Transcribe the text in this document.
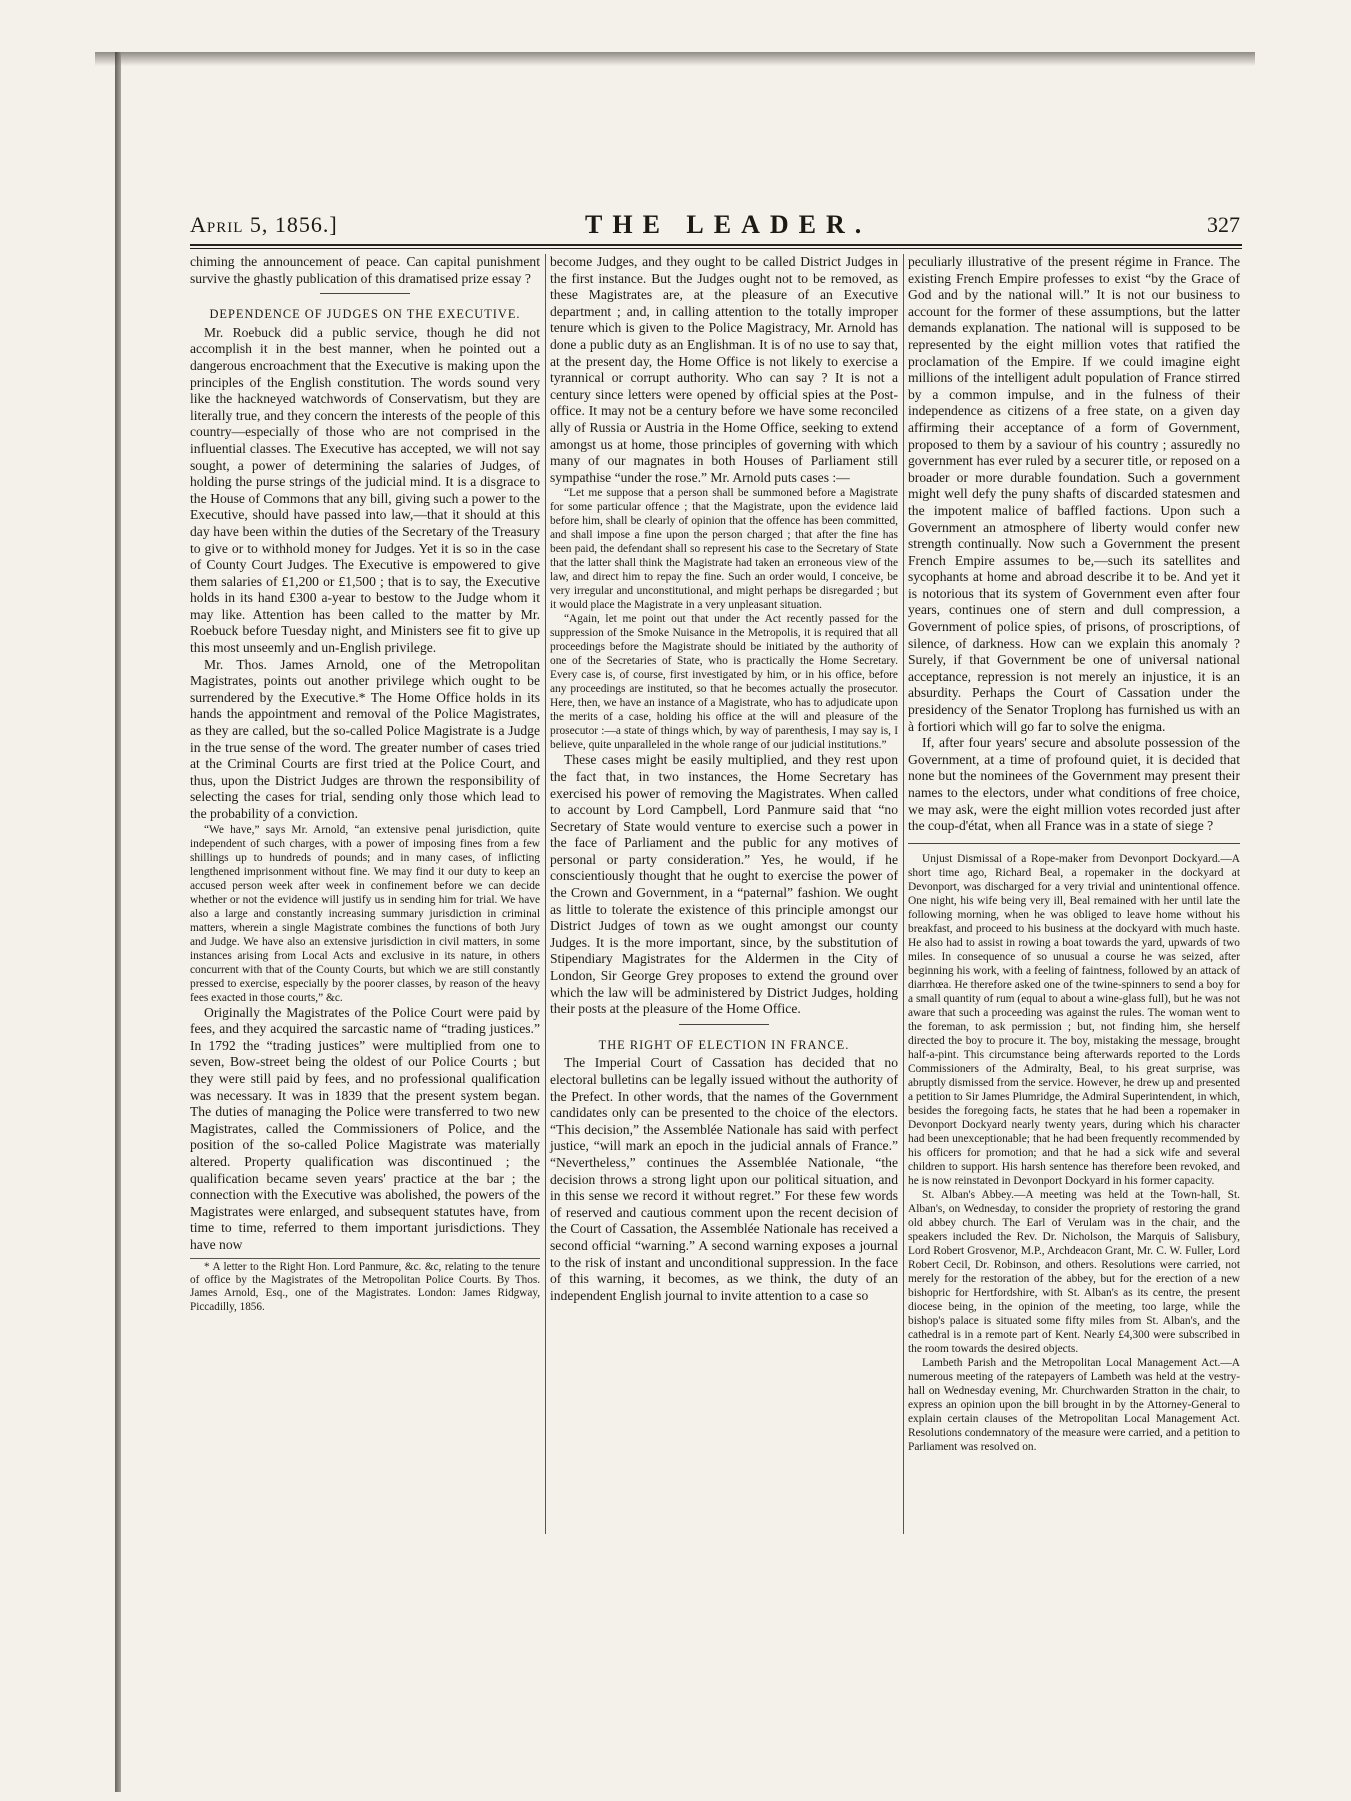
April 5, 1856.]	THE LEADER.	327

chiming the announcement of peace. Can capital punishment survive the ghastly publication of this dramatised prize essay ?

DEPENDENCE OF JUDGES ON THE EXECUTIVE.

Mr. Roebuck did a public service, though he did not accomplish it in the best manner, when he pointed out a dangerous encroachment that the Executive is making upon the principles of the English constitution. The words sound very like the hackneyed watchwords of Conservatism, but they are literally true, and they concern the interests of the people of this country—especially of those who are not comprised in the influential classes. The Executive has accepted, we will not say sought, a power of determining the salaries of Judges, of holding the purse strings of the judicial mind. It is a disgrace to the House of Commons that any bill, giving such a power to the Executive, should have passed into law,—that it should at this day have been within the duties of the Secretary of the Treasury to give or to withhold money for Judges. Yet it is so in the case of County Court Judges. The Executive is empowered to give them salaries of £1,200 or £1,500 ; that is to say, the Executive holds in its hand £300 a-year to bestow to the Judge whom it may like. Attention has been called to the matter by Mr. Roebuck before Tuesday night, and Ministers see fit to give up this most unseemly and un-English privilege.

Mr. Thos. James Arnold, one of the Metropolitan Magistrates, points out another privilege which ought to be surrendered by the Executive.* The Home Office holds in its hands the appointment and removal of the Police Magistrates, as they are called, but the so-called Police Magistrate is a Judge in the true sense of the word. The greater number of cases tried at the Criminal Courts are first tried at the Police Court, and thus, upon the District Judges are thrown the responsibility of selecting the cases for trial, sending only those which lead to the probability of a conviction.

“We have,” says Mr. Arnold, “an extensive penal jurisdiction, quite independent of such charges, with a power of imposing fines from a few shillings up to hundreds of pounds; and in many cases, of inflicting lengthened imprisonment without fine. We may find it our duty to keep an accused person week after week in confinement before we can decide whether or not the evidence will justify us in sending him for trial. We have also a large and constantly increasing summary jurisdiction in criminal matters, wherein a single Magistrate combines the functions of both Jury and Judge. We have also an extensive jurisdiction in civil matters, in some instances arising from Local Acts and exclusive in its nature, in others concurrent with that of the County Courts, but which we are still constantly pressed to exercise, especially by the poorer classes, by reason of the heavy fees exacted in those courts,” &c.

Originally the Magistrates of the Police Court were paid by fees, and they acquired the sarcastic name of “trading justices.” In 1792 the “trading justices” were multiplied from one to seven, Bow-street being the oldest of our Police Courts ; but they were still paid by fees, and no professional qualification was necessary. It was in 1839 that the present system began. The duties of managing the Police were transferred to two new Magistrates, called the Commissioners of Police, and the position of the so-called Police Magistrate was materially altered. Property qualification was discontinued ; the qualification became seven years' practice at the bar ; the connection with the Executive was abolished, the powers of the Magistrates were enlarged, and subsequent statutes have, from time to time, referred to them important jurisdictions. They have now

* A letter to the Right Hon. Lord Panmure, &c. &c, relating to the tenure of office by the Magistrates of the Metropolitan Police Courts. By Thos. James Arnold, Esq., one of the Magistrates. London: James Ridgway, Piccadilly, 1856.

become Judges, and they ought to be called District Judges in the first instance. But the Judges ought not to be removed, as these Magistrates are, at the pleasure of an Executive department ; and, in calling attention to the totally improper tenure which is given to the Police Magistracy, Mr. Arnold has done a public duty as an Englishman. It is of no use to say that, at the present day, the Home Office is not likely to exercise a tyrannical or corrupt authority. Who can say ? It is not a century since letters were opened by official spies at the Post-office. It may not be a century before we have some reconciled ally of Russia or Austria in the Home Office, seeking to extend amongst us at home, those principles of governing with which many of our magnates in both Houses of Parliament still sympathise “under the rose.” Mr. Arnold puts cases :—

“Let me suppose that a person shall be summoned before a Magistrate for some particular offence ; that the Magistrate, upon the evidence laid before him, shall be clearly of opinion that the offence has been committed, and shall impose a fine upon the person charged ; that after the fine has been paid, the defendant shall so represent his case to the Secretary of State that the latter shall think the Magistrate had taken an erroneous view of the law, and direct him to repay the fine. Such an order would, I conceive, be very irregular and unconstitutional, and might perhaps be disregarded ; but it would place the Magistrate in a very unpleasant situation.

“Again, let me point out that under the Act recently passed for the suppression of the Smoke Nuisance in the Metropolis, it is required that all proceedings before the Magistrate should be initiated by the authority of one of the Secretaries of State, who is practically the Home Secretary. Every case is, of course, first investigated by him, or in his office, before any proceedings are instituted, so that he becomes actually the prosecutor. Here, then, we have an instance of a Magistrate, who has to adjudicate upon the merits of a case, holding his office at the will and pleasure of the prosecutor :—a state of things which, by way of parenthesis, I may say is, I believe, quite unparalleled in the whole range of our judicial institutions.”

These cases might be easily multiplied, and they rest upon the fact that, in two instances, the Home Secretary has exercised his power of removing the Magistrates. When called to account by Lord Campbell, Lord Panmure said that “no Secretary of State would venture to exercise such a power in the face of Parliament and the public for any motives of personal or party consideration.” Yes, he would, if he conscientiously thought that he ought to exercise the power of the Crown and Government, in a “paternal” fashion. We ought as little to tolerate the existence of this principle amongst our District Judges of town as we ought amongst our county Judges. It is the more important, since, by the substitution of Stipendiary Magistrates for the Aldermen in the City of London, Sir George Grey proposes to extend the ground over which the law will be administered by District Judges, holding their posts at the pleasure of the Home Office.

THE RIGHT OF ELECTION IN FRANCE.

The Imperial Court of Cassation has decided that no electoral bulletins can be legally issued without the authority of the Prefect. In other words, that the names of the Government candidates only can be presented to the choice of the electors. “This decision,” the Assemblée Nationale has said with perfect justice, “will mark an epoch in the judicial annals of France.” “Nevertheless,” continues the Assemblée Nationale, “the decision throws a strong light upon our political situation, and in this sense we record it without regret.” For these few words of reserved and cautious comment upon the recent decision of the Court of Cassation, the Assemblée Nationale has received a second official “warning.” A second warning exposes a journal to the risk of instant and unconditional suppression. In the face of this warning, it becomes, as we think, the duty of an independent English journal to invite attention to a case so

peculiarly illustrative of the present régime in France. The existing French Empire professes to exist “by the Grace of God and by the national will.” It is not our business to account for the former of these assumptions, but the latter demands explanation. The national will is supposed to be represented by the eight million votes that ratified the proclamation of the Empire. If we could imagine eight millions of the intelligent adult population of France stirred by a common impulse, and in the fulness of their independence as citizens of a free state, on a given day affirming their acceptance of a form of Government, proposed to them by a saviour of his country ; assuredly no government has ever ruled by a securer title, or reposed on a broader or more durable foundation. Such a government might well defy the puny shafts of discarded statesmen and the impotent malice of baffled factions. Upon such a Government an atmosphere of liberty would confer new strength continually. Now such a Government the present French Empire assumes to be,—such its satellites and sycophants at home and abroad describe it to be. And yet it is notorious that its system of Government even after four years, continues one of stern and dull compression, a Government of police spies, of prisons, of proscriptions, of silence, of darkness. How can we explain this anomaly ? Surely, if that Government be one of universal national acceptance, repression is not merely an injustice, it is an absurdity. Perhaps the Court of Cassation under the presidency of the Senator Troplong has furnished us with an à fortiori which will go far to solve the enigma.

If, after four years' secure and absolute possession of the Government, at a time of profound quiet, it is decided that none but the nominees of the Government may present their names to the electors, under what conditions of free choice, we may ask, were the eight million votes recorded just after the coup-d'état, when all France was in a state of siege ?

Unjust Dismissal of a Rope-maker from Devonport Dockyard.—A short time ago, Richard Beal, a ropemaker in the dockyard at Devonport, was discharged for a very trivial and unintentional offence. One night, his wife being very ill, Beal remained with her until late the following morning, when he was obliged to leave home without his breakfast, and proceed to his business at the dockyard with much haste. He also had to assist in rowing a boat towards the yard, upwards of two miles. In consequence of so unusual a course he was seized, after beginning his work, with a feeling of faintness, followed by an attack of diarrhœa. He therefore asked one of the twine-spinners to send a boy for a small quantity of rum (equal to about a wine-glass full), but he was not aware that such a proceeding was against the rules. The woman went to the foreman, to ask permission ; but, not finding him, she herself directed the boy to procure it. The boy, mistaking the message, brought half-a-pint. This circumstance being afterwards reported to the Lords Commissioners of the Admiralty, Beal, to his great surprise, was abruptly dismissed from the service. However, he drew up and presented a petition to Sir James Plumridge, the Admiral Superintendent, in which, besides the foregoing facts, he states that he had been a ropemaker in Devonport Dockyard nearly twenty years, during which his character had been unexceptionable; that he had been frequently recommended by his officers for promotion; and that he had a sick wife and several children to support. His harsh sentence has therefore been revoked, and he is now reinstated in Devonport Dockyard in his former capacity.

St. Alban's Abbey.—A meeting was held at the Town-hall, St. Alban's, on Wednesday, to consider the propriety of restoring the grand old abbey church. The Earl of Verulam was in the chair, and the speakers included the Rev. Dr. Nicholson, the Marquis of Salisbury, Lord Robert Grosvenor, M.P., Archdeacon Grant, Mr. C. W. Fuller, Lord Robert Cecil, Dr. Robinson, and others. Resolutions were carried, not merely for the restoration of the abbey, but for the erection of a new bishopric for Hertfordshire, with St. Alban's as its centre, the present diocese being, in the opinion of the meeting, too large, while the bishop's palace is situated some fifty miles from St. Alban's, and the cathedral is in a remote part of Kent. Nearly £4,300 were subscribed in the room towards the desired objects.

Lambeth Parish and the Metropolitan Local Management Act.—A numerous meeting of the ratepayers of Lambeth was held at the vestry-hall on Wednesday evening, Mr. Churchwarden Stratton in the chair, to express an opinion upon the bill brought in by the Attorney-General to explain certain clauses of the Metropolitan Local Management Act. Resolutions condemnatory of the measure were carried, and a petition to Parliament was resolved on.
